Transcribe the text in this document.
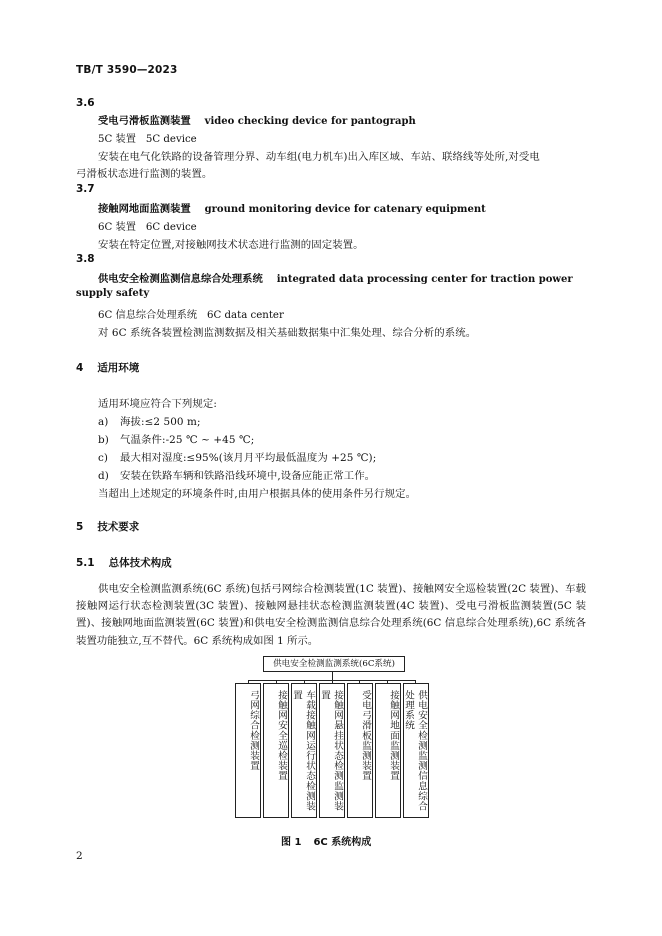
TB/T 3590—2023
3.6
受电弓滑板监测装置 video checking device for pantograph
5C 装置 5C device
安装在电气化铁路的设备管理分界、动车组(电力机车)出入库区域、车站、联络线等处所,对受电
弓滑板状态进行监测的装置。
3.7
接触网地面监测装置 ground monitoring device for catenary equipment
6C 装置 6C device
安装在特定位置,对接触网技术状态进行监测的固定装置。
3.8
供电安全检测监测信息综合处理系统 integrated data processing center for traction power
supply safety
6C 信息综合处理系统 6C data center
对 6C 系统各装置检测监测数据及相关基础数据集中汇集处理、综合分析的系统。
4 适用环境
适用环境应符合下列规定:
a) 海拔:≤2 500 m;
b) 气温条件:-25 ℃ ~ +45 ℃;
c) 最大相对湿度:≤95%(该月月平均最低温度为 +25 ℃);
d) 安装在铁路车辆和铁路沿线环境中,设备应能正常工作。
当超出上述规定的环境条件时,由用户根据具体的使用条件另行规定。
5 技术要求
5.1 总体技术构成
供电安全检测监测系统(6C 系统)包括弓网综合检测装置(1C 装置)、接触网安全巡检装置(2C 装置)、车载接触网运行状态检测装置(3C 装置)、接触网悬挂状态检测监测装置(4C 装置)、受电弓滑板监测装置(5C 装置)、接触网地面监测装置(6C 装置)和供电安全检测监测信息综合处理系统(6C 信息综合处理系统),6C 系统各装置功能独立,互不替代。6C 系统构成如图 1 所示。
供电安全检测监测系统(6C系统)
弓网综合检测装置	接触网安全巡检装置	车载接触网运行状态检测装置	接触网悬挂状态检测监测装置	受电弓滑板监测装置	接触网地面监测装置	供电安全检测监测信息综合处理系统
图 1 6C 系统构成
2
